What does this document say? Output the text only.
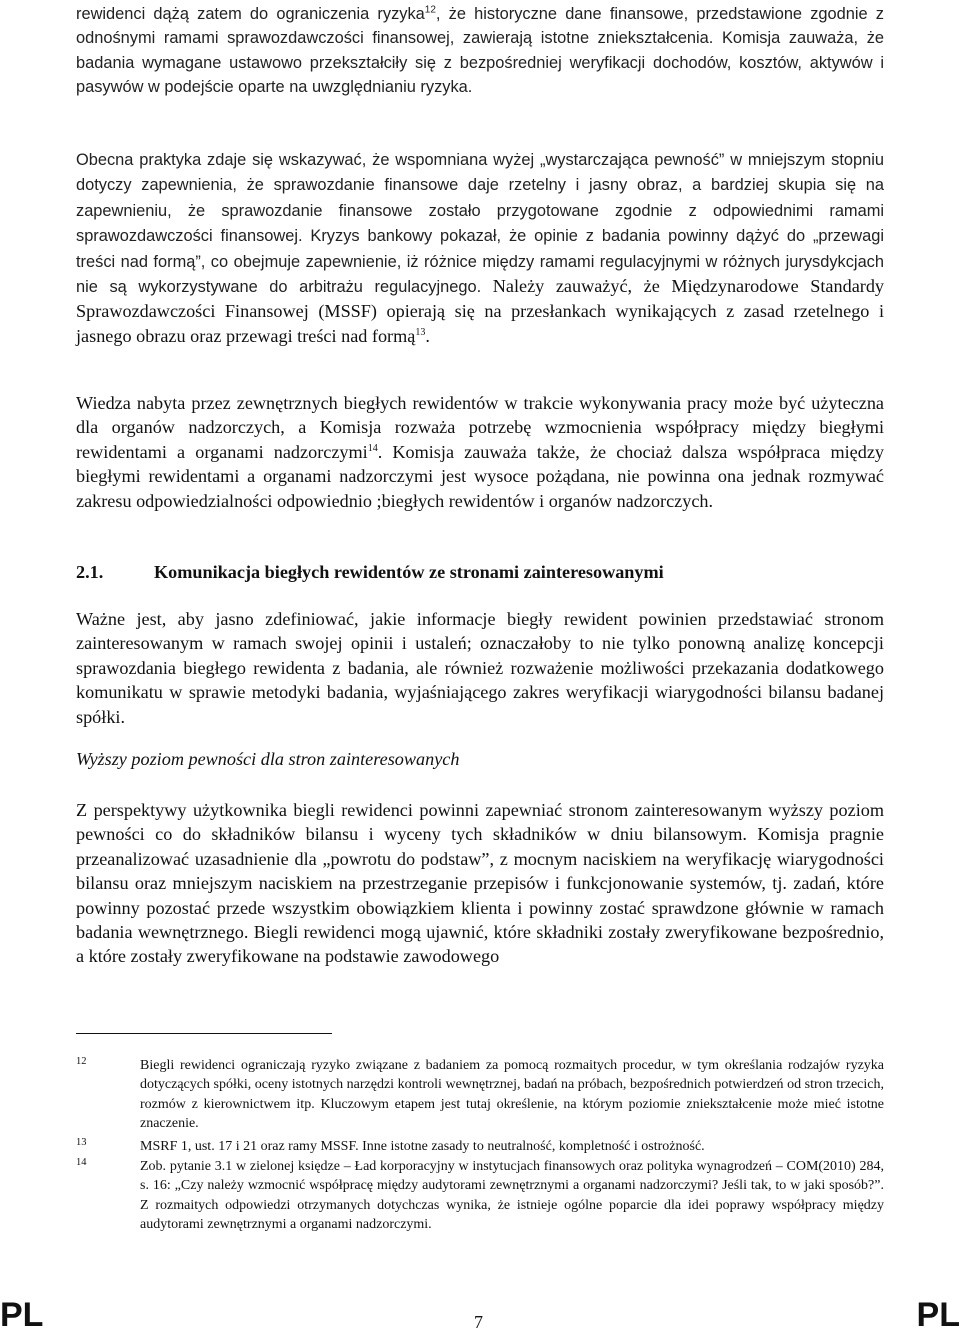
rewidenci dążą zatem do ograniczenia ryzyka$^{12}$, że historyczne dane finansowe, przedstawione zgodnie z odnośnymi ramami sprawozdawczości finansowej, zawierają istotne zniekształcenia. Komisja zauważa, że badania wymagane ustawowo przekształciły się z bezpośredniej weryfikacji dochodów, kosztów, aktywów i pasywów w podejście oparte na uwzględnianiu ryzyka.

Obecna praktyka zdaje się wskazywać, że wspomniana wyżej „wystarczająca pewność” w mniejszym stopniu dotyczy zapewnienia, że sprawozdanie finansowe daje rzetelny i jasny obraz, a bardziej skupia się na zapewnieniu, że sprawozdanie finansowe zostało przygotowane zgodnie z odpowiednimi ramami sprawozdawczości finansowej. Kryzys bankowy pokazał, że opinie z badania powinny dążyć do „przewagi treści nad formą”, co obejmuje zapewnienie, iż różnice między ramami regulacyjnymi w różnych jurysdykcjach nie są wykorzystywane do arbitrażu regulacyjnego. Należy zauważyć, że Międzynarodowe Standardy Sprawozdawczości Finansowej (MSSF) opierają się na przesłankach wynikających z zasad rzetelnego i jasnego obrazu oraz przewagi treści nad formą$^{13}$.

Wiedza nabyta przez zewnętrznych biegłych rewidentów w trakcie wykonywania pracy może być użyteczna dla organów nadzorczych, a Komisja rozważa potrzebę wzmocnienia współpracy między biegłymi rewidentami a organami nadzorczymi$^{14}$. Komisja zauważa także, że chociaż dalsza współpraca między biegłymi rewidentami a organami nadzorczymi jest wysoce pożądana, nie powinna ona jednak rozmywać zakresu odpowiedzialności odpowiednio ;biegłych rewidentów i organów nadzorczych.

2.1.	Komunikacja biegłych rewidentów ze stronami zainteresowanymi

Ważne jest, aby jasno zdefiniować, jakie informacje biegły rewident powinien przedstawiać stronom zainteresowanym w ramach swojej opinii i ustaleń; oznaczałoby to nie tylko ponowną analizę koncepcji sprawozdania biegłego rewidenta z badania, ale również rozważenie możliwości przekazania dodatkowego komunikatu w sprawie metodyki badania, wyjaśniającego zakres weryfikacji wiarygodności bilansu badanej spółki.

Wyższy poziom pewności dla stron zainteresowanych

Z perspektywy użytkownika biegli rewidenci powinni zapewniać stronom zainteresowanym wyższy poziom pewności co do składników bilansu i wyceny tych składników w dniu bilansowym. Komisja pragnie przeanalizować uzasadnienie dla „powrotu do podstaw”, z mocnym naciskiem na weryfikację wiarygodności bilansu oraz mniejszym naciskiem na przestrzeganie przepisów i funkcjonowanie systemów, tj. zadań, które powinny pozostać przede wszystkim obowiązkiem klienta i powinny zostać sprawdzone głównie w ramach badania wewnętrznego. Biegli rewidenci mogą ujawnić, które składniki zostały zweryfikowane bezpośrednio, a które zostały zweryfikowane na podstawie zawodowego

12	Biegli rewidenci ograniczają ryzyko związane z badaniem za pomocą rozmaitych procedur, w tym określania rodzajów ryzyka dotyczących spółki, oceny istotnych narzędzi kontroli wewnętrznej, badań na próbach, bezpośrednich potwierdzeń od stron trzecich, rozmów z kierownictwem itp. Kluczowym etapem jest tutaj określenie, na którym poziomie zniekształcenie może mieć istotne znaczenie.
13	MSRF 1, ust. 17 i 21 oraz ramy MSSF. Inne istotne zasady to neutralność, kompletność i ostrożność.
14	Zob. pytanie 3.1 w zielonej księdze – Ład korporacyjny w instytucjach finansowych oraz polityka wynagrodzeń – COM(2010) 284, s. 16: „Czy należy wzmocnić współpracę między audytorami zewnętrznymi a organami nadzorczymi? Jeśli tak, to w jaki sposób?”. Z rozmaitych odpowiedzi otrzymanych dotychczas wynika, że istnieje ogólne poparcie dla idei poprawy współpracy między audytorami zewnętrznymi a organami nadzorczymi.
PL	7	PL
